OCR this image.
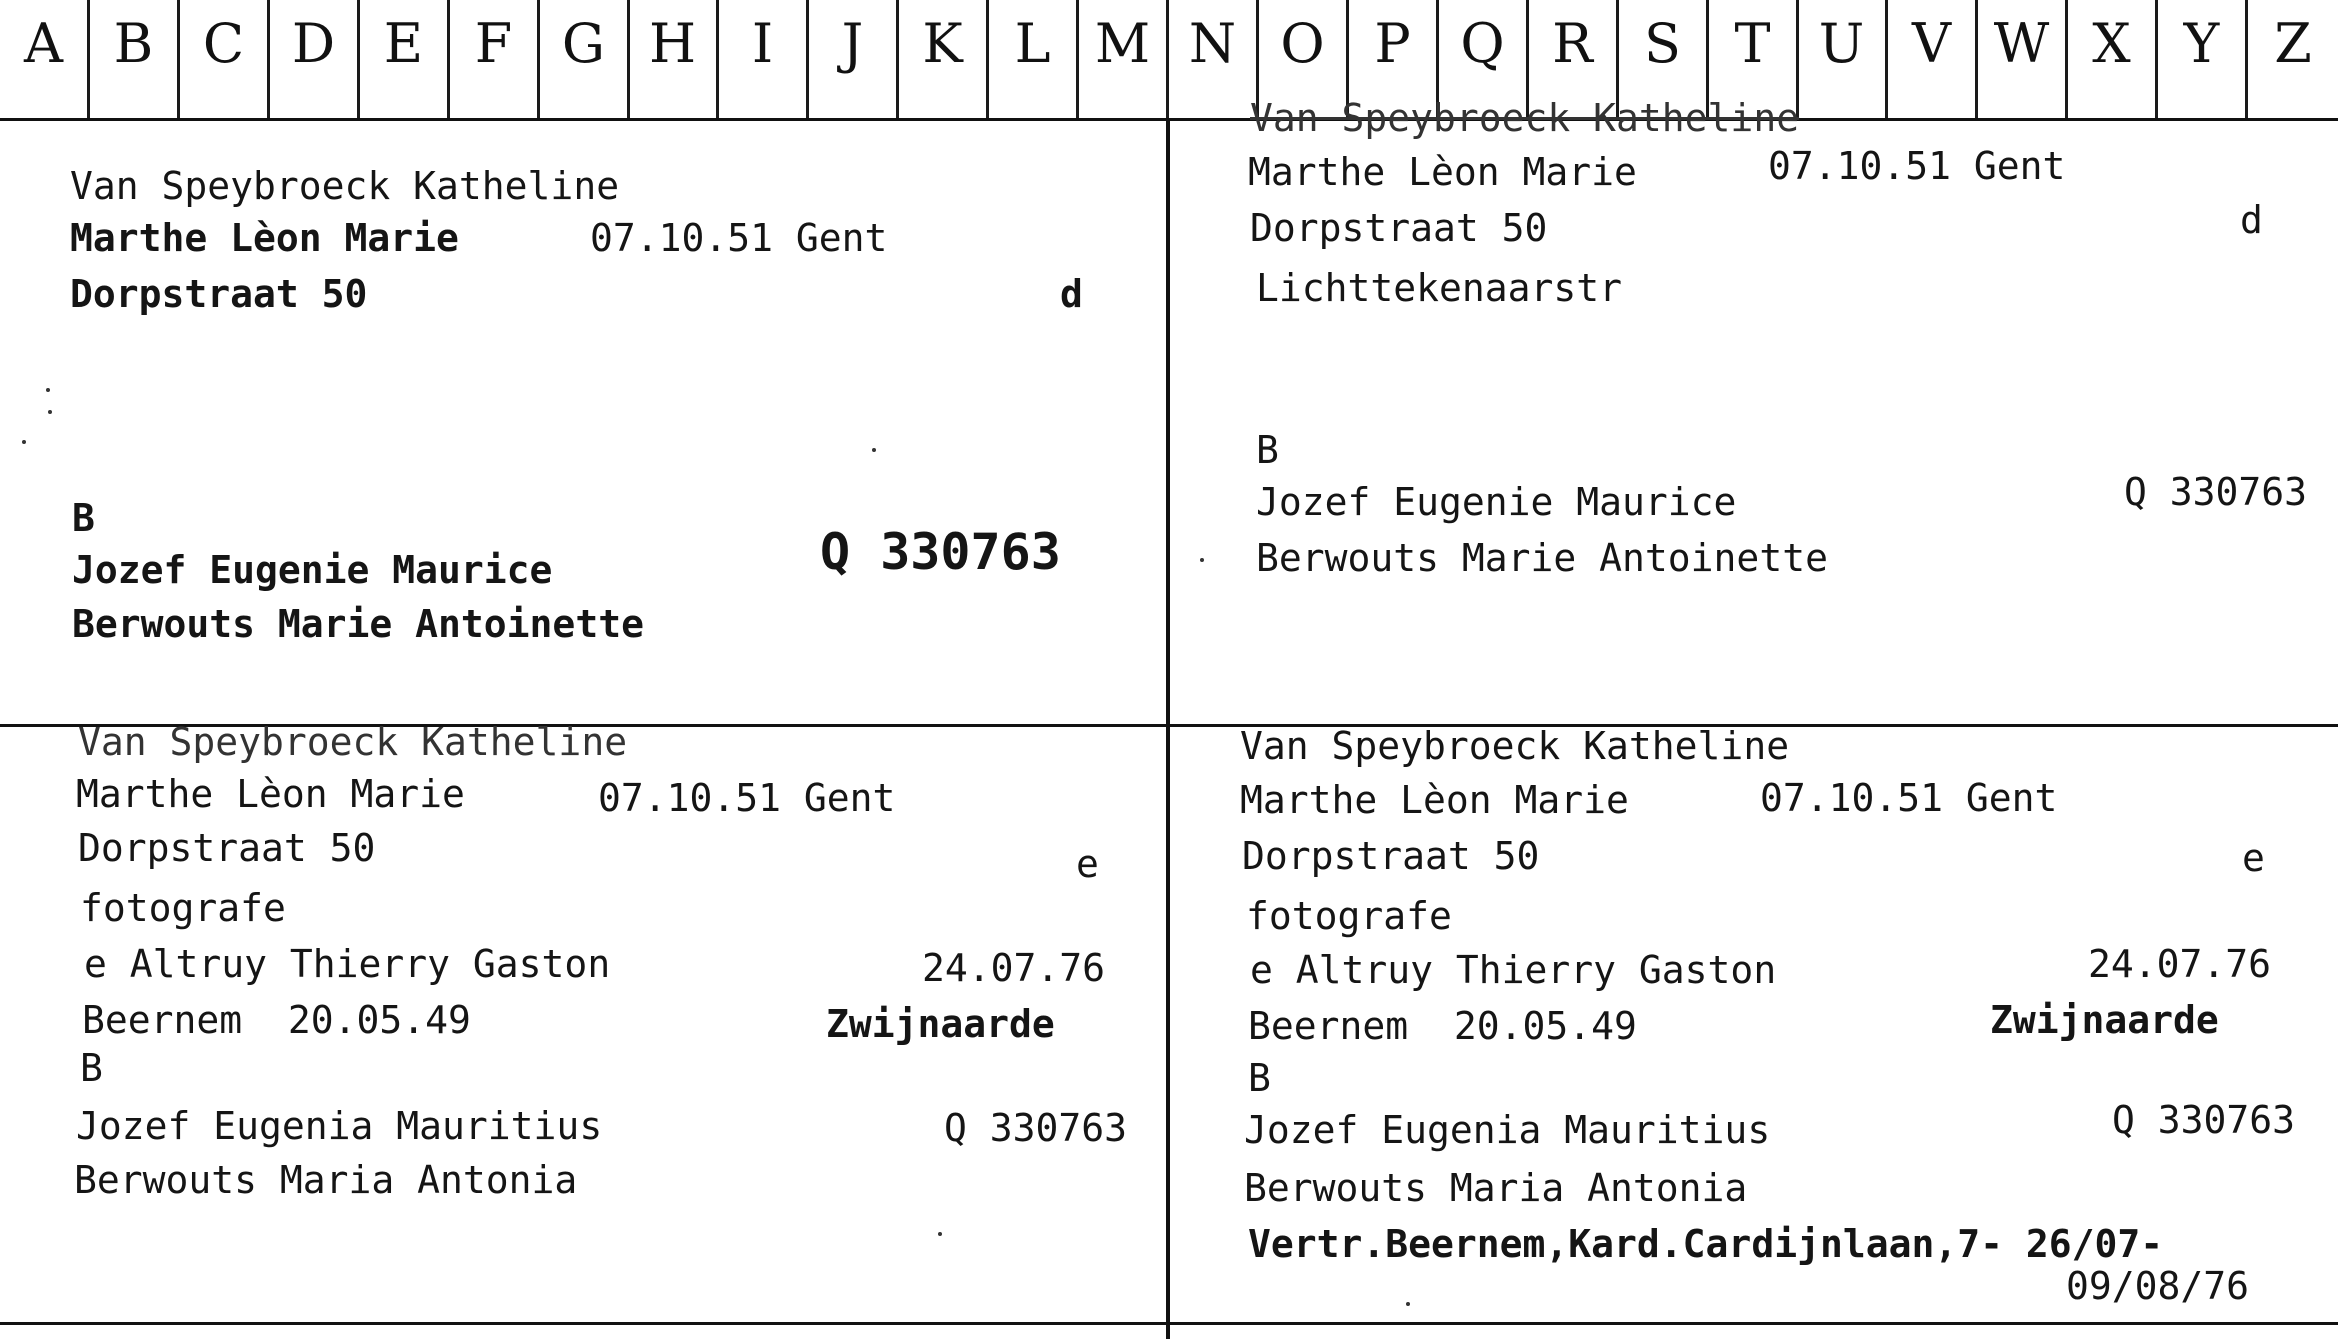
A B C D E F G H	I	J	K L M N O P Q R S T U V W X Y	Z
Van Speybroeck Katheline
Marthe Lèon Marie	07.10.51 Gent
Dorpstraat 50	d
B
Jozef Eugenie Maurice	Q 330763
Berwouts Marie Antoinette
Van Speybroeck Katheline
Marthe Lèon Marie	07.10.51 Gent
Dorpstraat 50	d
Lichttekenaarstr
B
Jozef Eugenie Maurice	Q 330763
Berwouts Marie Antoinette
Van Speybroeck Katheline
Marthe Lèon Marie	07.10.51 Gent
Dorpstraat 50	e
fotografe
e Altruy Thierry Gaston	24.07.76
Beernem  20.05.49	Zwijnaarde
B
Jozef Eugenia Mauritius	Q 330763
Berwouts Maria Antonia
Van Speybroeck Katheline
Marthe Lèon Marie	07.10.51 Gent
Dorpstraat 50	e
fotografe
e Altruy Thierry Gaston	24.07.76
Beernem  20.05.49	Zwijnaarde
B
Jozef Eugenia Mauritius	Q 330763
Berwouts Maria Antonia
Vertr.Beernem,Kard.Cardijnlaan,7- 26/07-
09/08/76
